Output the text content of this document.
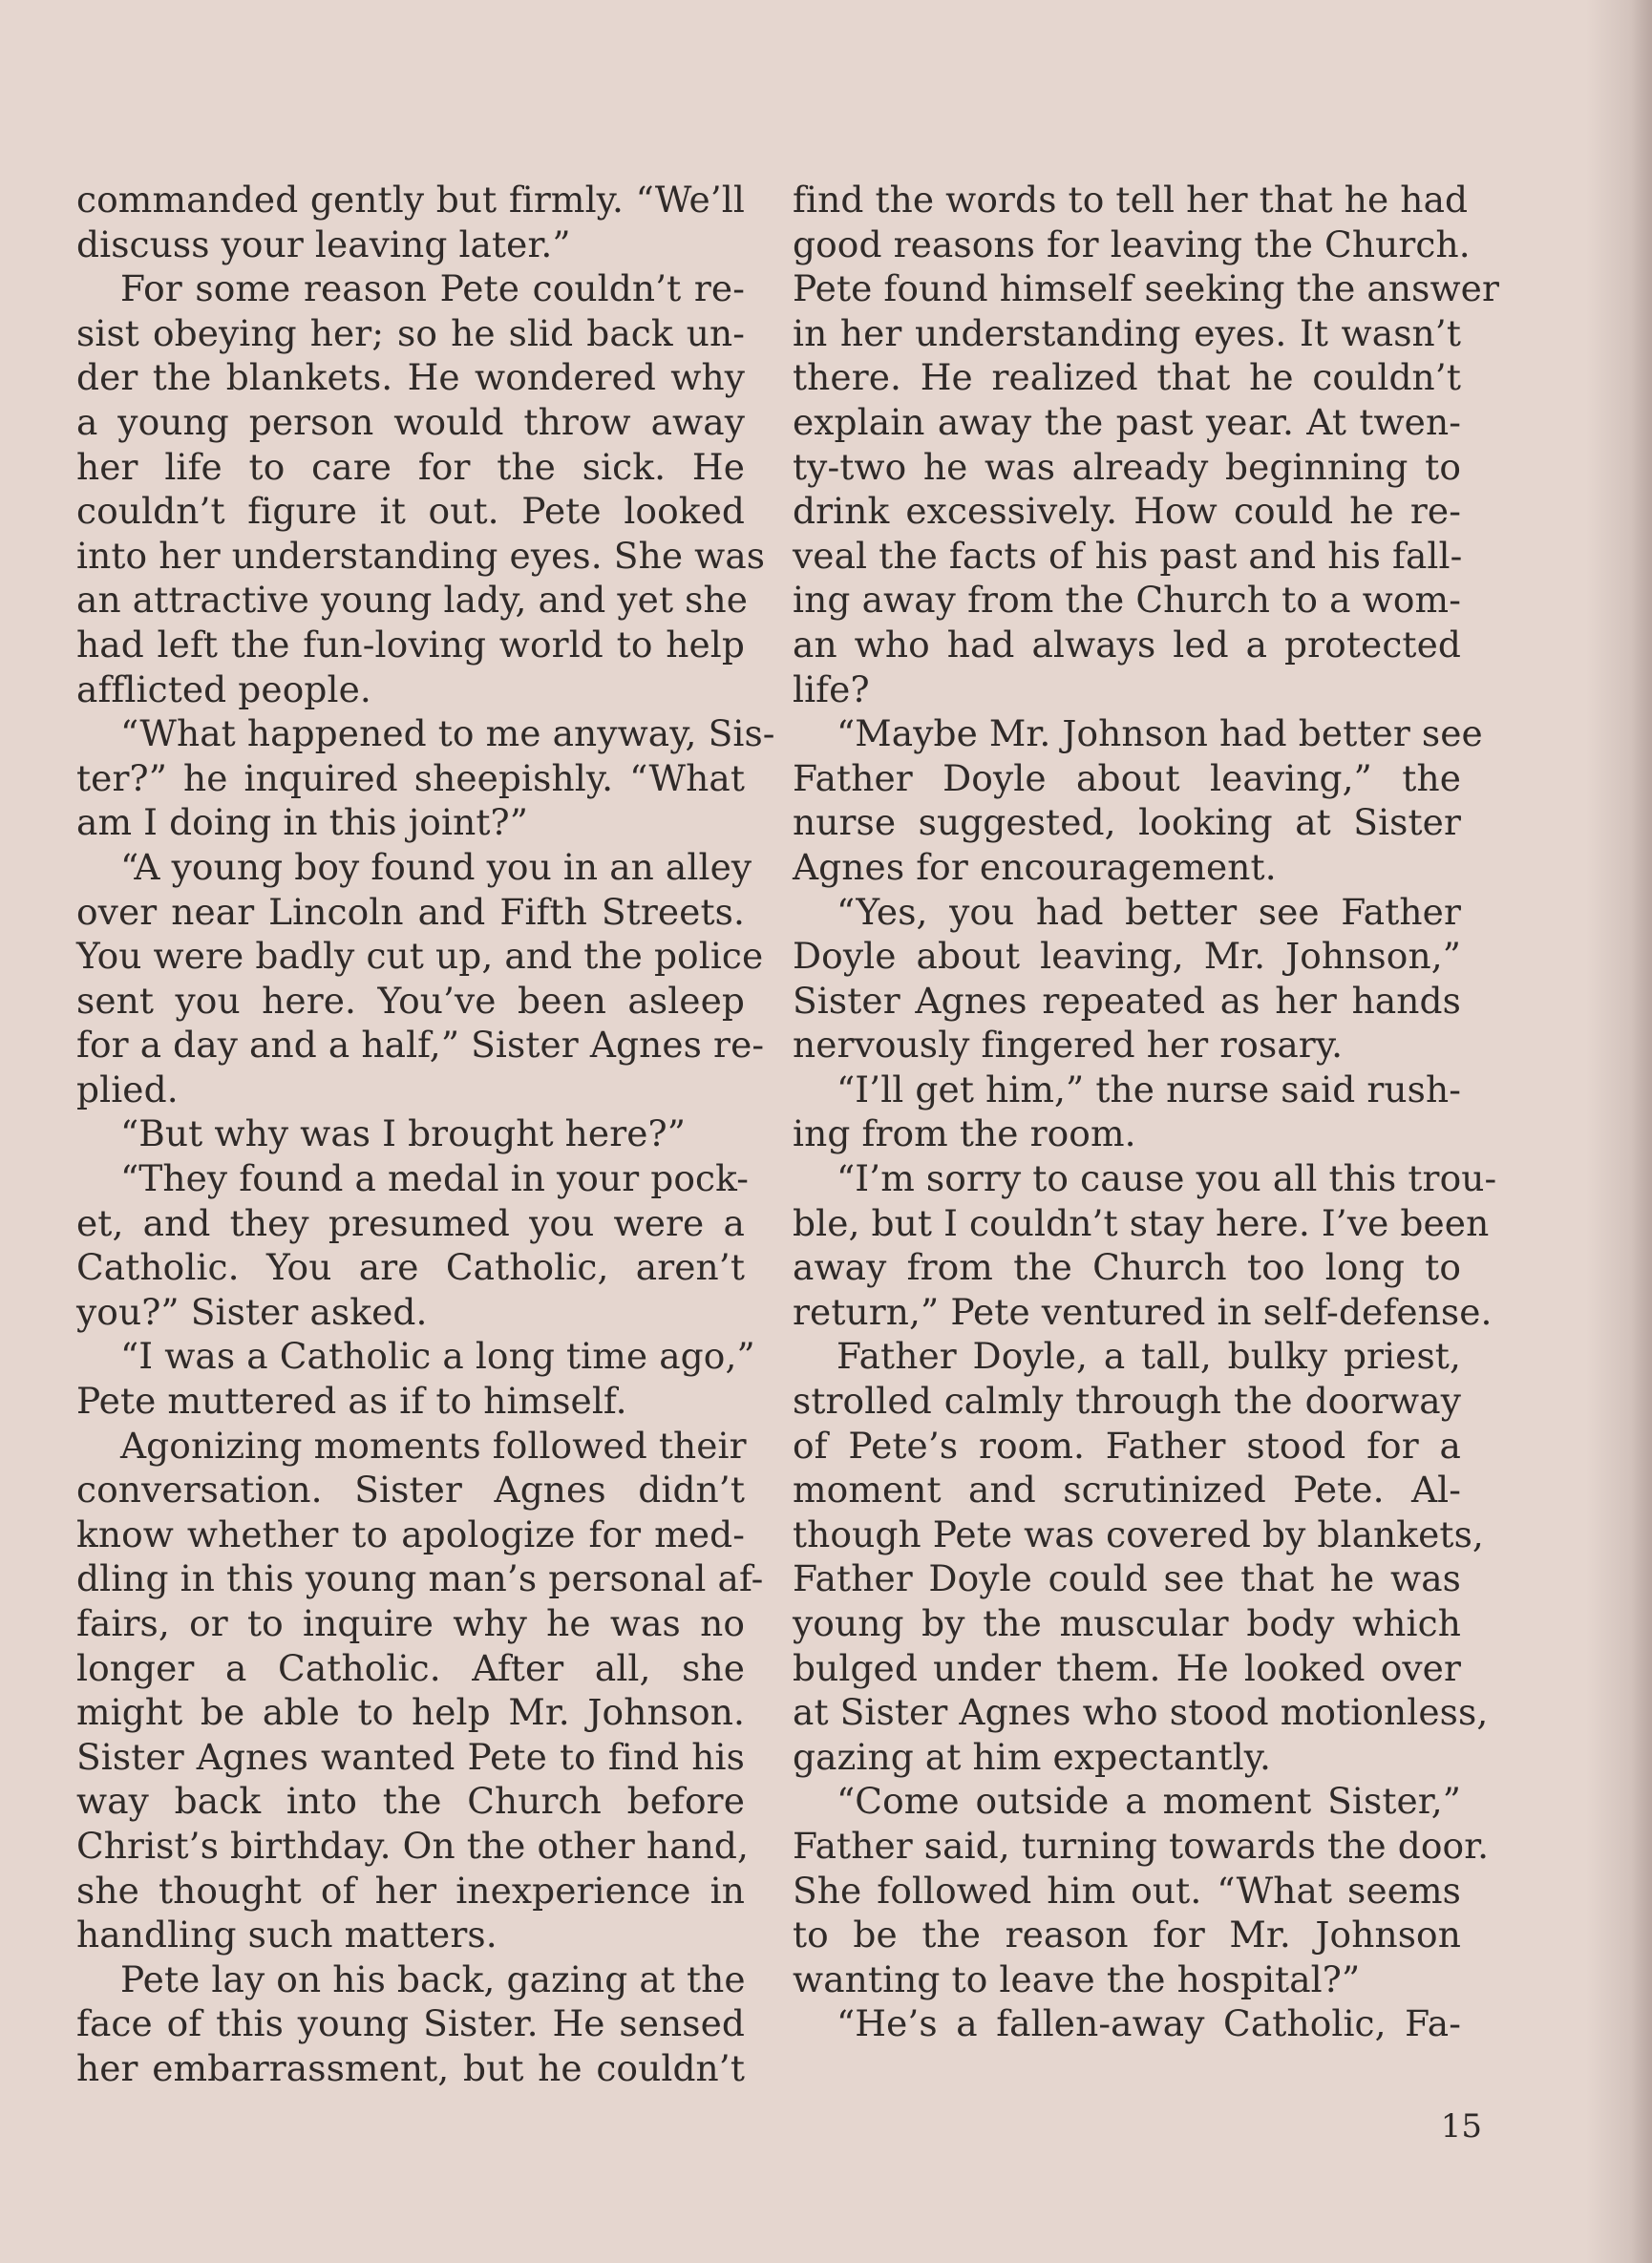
commanded gently but firmly. “We’ll
discuss your leaving later.”
For some reason Pete couldn’t re-
sist obeying her; so he slid back un-
der the blankets. He wondered why
a young person would throw away
her life to care for the sick. He
couldn’t figure it out. Pete looked
into her understanding eyes. She was
an attractive young lady, and yet she
had left the fun-loving world to help
afflicted people.
“What happened to me anyway, Sis-
ter?” he inquired sheepishly. “What
am I doing in this joint?”
“A young boy found you in an alley
over near Lincoln and Fifth Streets.
You were badly cut up, and the police
sent you here. You’ve been asleep
for a day and a half,” Sister Agnes re-
plied.
“But why was I brought here?”
“They found a medal in your pock-
et, and they presumed you were a
Catholic. You are Catholic, aren’t
you?” Sister asked.
“I was a Catholic a long time ago,”
Pete muttered as if to himself.
Agonizing moments followed their
conversation. Sister Agnes didn’t
know whether to apologize for med-
dling in this young man’s personal af-
fairs, or to inquire why he was no
longer a Catholic. After all, she
might be able to help Mr. Johnson.
Sister Agnes wanted Pete to find his
way back into the Church before
Christ’s birthday. On the other hand,
she thought of her inexperience in
handling such matters.
Pete lay on his back, gazing at the
face of this young Sister. He sensed
her embarrassment, but he couldn’t
find the words to tell her that he had
good reasons for leaving the Church.
Pete found himself seeking the answer
in her understanding eyes. It wasn’t
there. He realized that he couldn’t
explain away the past year. At twen-
ty-two he was already beginning to
drink excessively. How could he re-
veal the facts of his past and his fall-
ing away from the Church to a wom-
an who had always led a protected
life?
“Maybe Mr. Johnson had better see
Father Doyle about leaving,” the
nurse suggested, looking at Sister
Agnes for encouragement.
“Yes, you had better see Father
Doyle about leaving, Mr. Johnson,”
Sister Agnes repeated as her hands
nervously fingered her rosary.
“I’ll get him,” the nurse said rush-
ing from the room.
“I’m sorry to cause you all this trou-
ble, but I couldn’t stay here. I’ve been
away from the Church too long to
return,” Pete ventured in self-defense.
Father Doyle, a tall, bulky priest,
strolled calmly through the doorway
of Pete’s room. Father stood for a
moment and scrutinized Pete. Al-
though Pete was covered by blankets,
Father Doyle could see that he was
young by the muscular body which
bulged under them. He looked over
at Sister Agnes who stood motionless,
gazing at him expectantly.
“Come outside a moment Sister,”
Father said, turning towards the door.
She followed him out. “What seems
to be the reason for Mr. Johnson
wanting to leave the hospital?”
“He’s a fallen-away Catholic, Fa-
15
